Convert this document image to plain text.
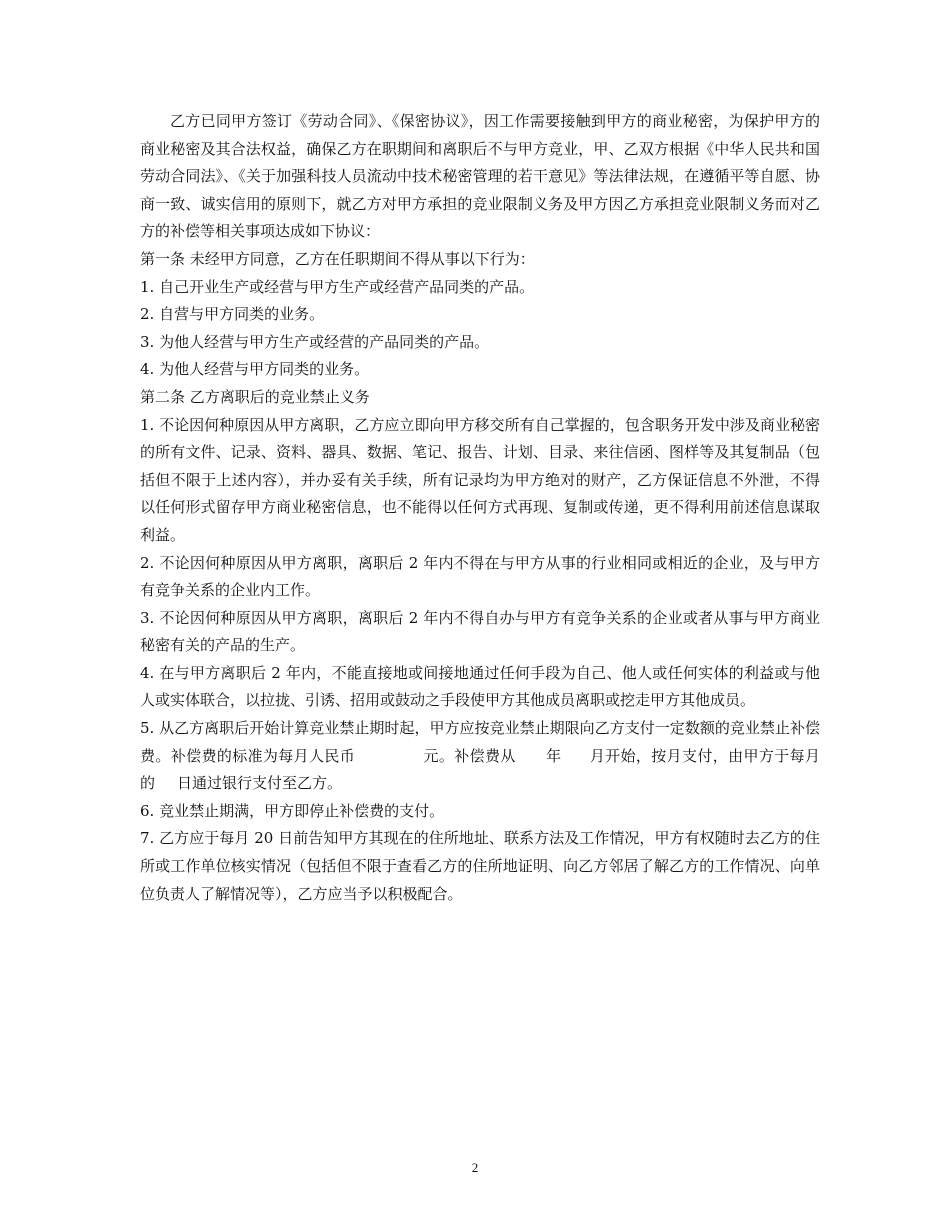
乙方已同甲方签订《劳动合同》、《保密协议》，因工作需要接触到甲方的商业秘密，为保护甲方的商业秘密及其合法权益，确保乙方在职期间和离职后不与甲方竞业，甲、乙双方根据《中华人民共和国劳动合同法》、《关于加强科技人员流动中技术秘密管理的若干意见》等法律法规，在遵循平等自愿、协商一致、诚实信用的原则下，就乙方对甲方承担的竞业限制义务及甲方因乙方承担竞业限制义务而对乙方的补偿等相关事项达成如下协议：

第一条 未经甲方同意，乙方在任职期间不得从事以下行为：

1. 自己开业生产或经营与甲方生产或经营产品同类的产品。

2. 自营与甲方同类的业务。

3. 为他人经营与甲方生产或经营的产品同类的产品。

4. 为他人经营与甲方同类的业务。

第二条 乙方离职后的竞业禁止义务

1. 不论因何种原因从甲方离职，乙方应立即向甲方移交所有自己掌握的，包含职务开发中涉及商业秘密的所有文件、记录、资料、器具、数据、笔记、报告、计划、目录、来往信函、图样等及其复制品（包括但不限于上述内容），并办妥有关手续，所有记录均为甲方绝对的财产，乙方保证信息不外泄，不得以任何形式留存甲方商业秘密信息，也不能得以任何方式再现、复制或传递，更不得利用前述信息谋取利益。

2. 不论因何种原因从甲方离职，离职后 2 年内不得在与甲方从事的行业相同或相近的企业，及与甲方有竞争关系的企业内工作。

3. 不论因何种原因从甲方离职，离职后 2 年内不得自办与甲方有竞争关系的企业或者从事与甲方商业秘密有关的产品的生产。

4. 在与甲方离职后 2 年内，不能直接地或间接地通过任何手段为自己、他人或任何实体的利益或与他人或实体联合，以拉拢、引诱、招用或鼓动之手段使甲方其他成员离职或挖走甲方其他成员。

5. 从乙方离职后开始计算竞业禁止期时起，甲方应按竞业禁止期限向乙方支付一定数额的竞业禁止补偿费。补偿费的标准为每月人民币	元。补偿费从 年 月开始，按月支付，由甲方于每月的 日通过银行支付至乙方。

6. 竞业禁止期满，甲方即停止补偿费的支付。

7. 乙方应于每月 20 日前告知甲方其现在的住所地址、联系方法及工作情况，甲方有权随时去乙方的住所或工作单位核实情况（包括但不限于查看乙方的住所地证明、向乙方邻居了解乙方的工作情况、向单位负责人了解情况等），乙方应当予以积极配合。

2
